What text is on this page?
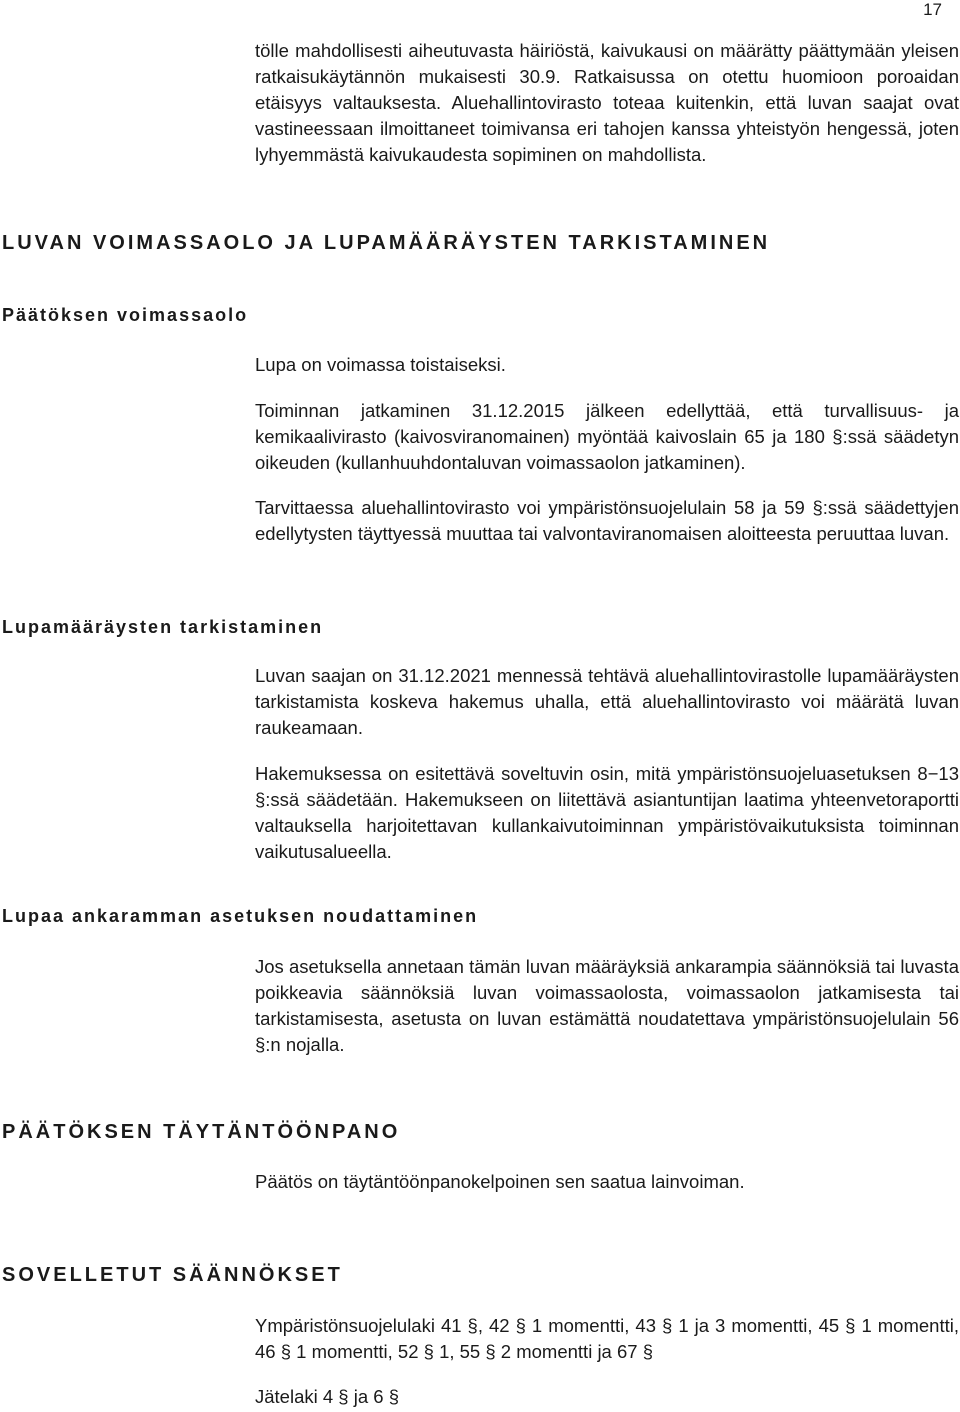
17

tölle mahdollisesti aiheutuvasta häiriöstä, kaivukausi on määrätty päättymään yleisen ratkaisukäytännön mukaisesti 30.9. Ratkaisussa on otettu huomioon poroaidan etäisyys valtauksesta. Aluehallintovirasto toteaa kuitenkin, että luvan saajat ovat vastineessaan ilmoittaneet toimivansa eri tahojen kanssa yhteistyön hengessä, joten lyhyemmästä kaivukaudesta sopiminen on mahdollista.

LUVAN VOIMASSAOLO JA LUPAMÄÄRÄYSTEN TARKISTAMINEN
Päätöksen voimassaolo

Lupa on voimassa toistaiseksi.

Toiminnan jatkaminen 31.12.2015 jälkeen edellyttää, että turvallisuus- ja kemikaalivirasto (kaivosviranomainen) myöntää kaivoslain 65 ja 180 §:ssä säädetyn oikeuden (kullanhuuhdontaluvan voimassaolon jatkaminen).

Tarvittaessa aluehallintovirasto voi ympäristönsuojelulain 58 ja 59 §:ssä säädettyjen edellytysten täyttyessä muuttaa tai valvontaviranomaisen aloitteesta peruuttaa luvan.

Lupamääräysten tarkistaminen

Luvan saajan on 31.12.2021 mennessä tehtävä aluehallintovirastolle lupamääräysten tarkistamista koskeva hakemus uhalla, että aluehallintovirasto voi määrätä luvan raukeamaan.

Hakemuksessa on esitettävä soveltuvin osin, mitä ympäristönsuojeluasetuksen 8−13 §:ssä säädetään. Hakemukseen on liitettävä asiantuntijan laatima yhteenvetoraportti valtauksella harjoitettavan kullankaivutoiminnan ympäristövaikutuksista toiminnan vaikutusalueella.

Lupaa ankaramman asetuksen noudattaminen

Jos asetuksella annetaan tämän luvan määräyksiä ankarampia säännöksiä tai luvasta poikkeavia säännöksiä luvan voimassaolosta, voimassaolon jatkamisesta tai tarkistamisesta, asetusta on luvan estämättä noudatettava ympäristönsuojelulain 56 §:n nojalla.

PÄÄTÖKSEN TÄYTÄNTÖÖNPANO

Päätös on täytäntöönpanokelpoinen sen saatua lainvoiman.

SOVELLETUT SÄÄNNÖKSET

Ympäristönsuojelulaki 41 §, 42 § 1 momentti, 43 § 1 ja 3 momentti, 45 § 1 momentti, 46 § 1 momentti, 52 § 1, 55 § 2 momentti ja 67 §

Jätelaki 4 § ja 6 §
